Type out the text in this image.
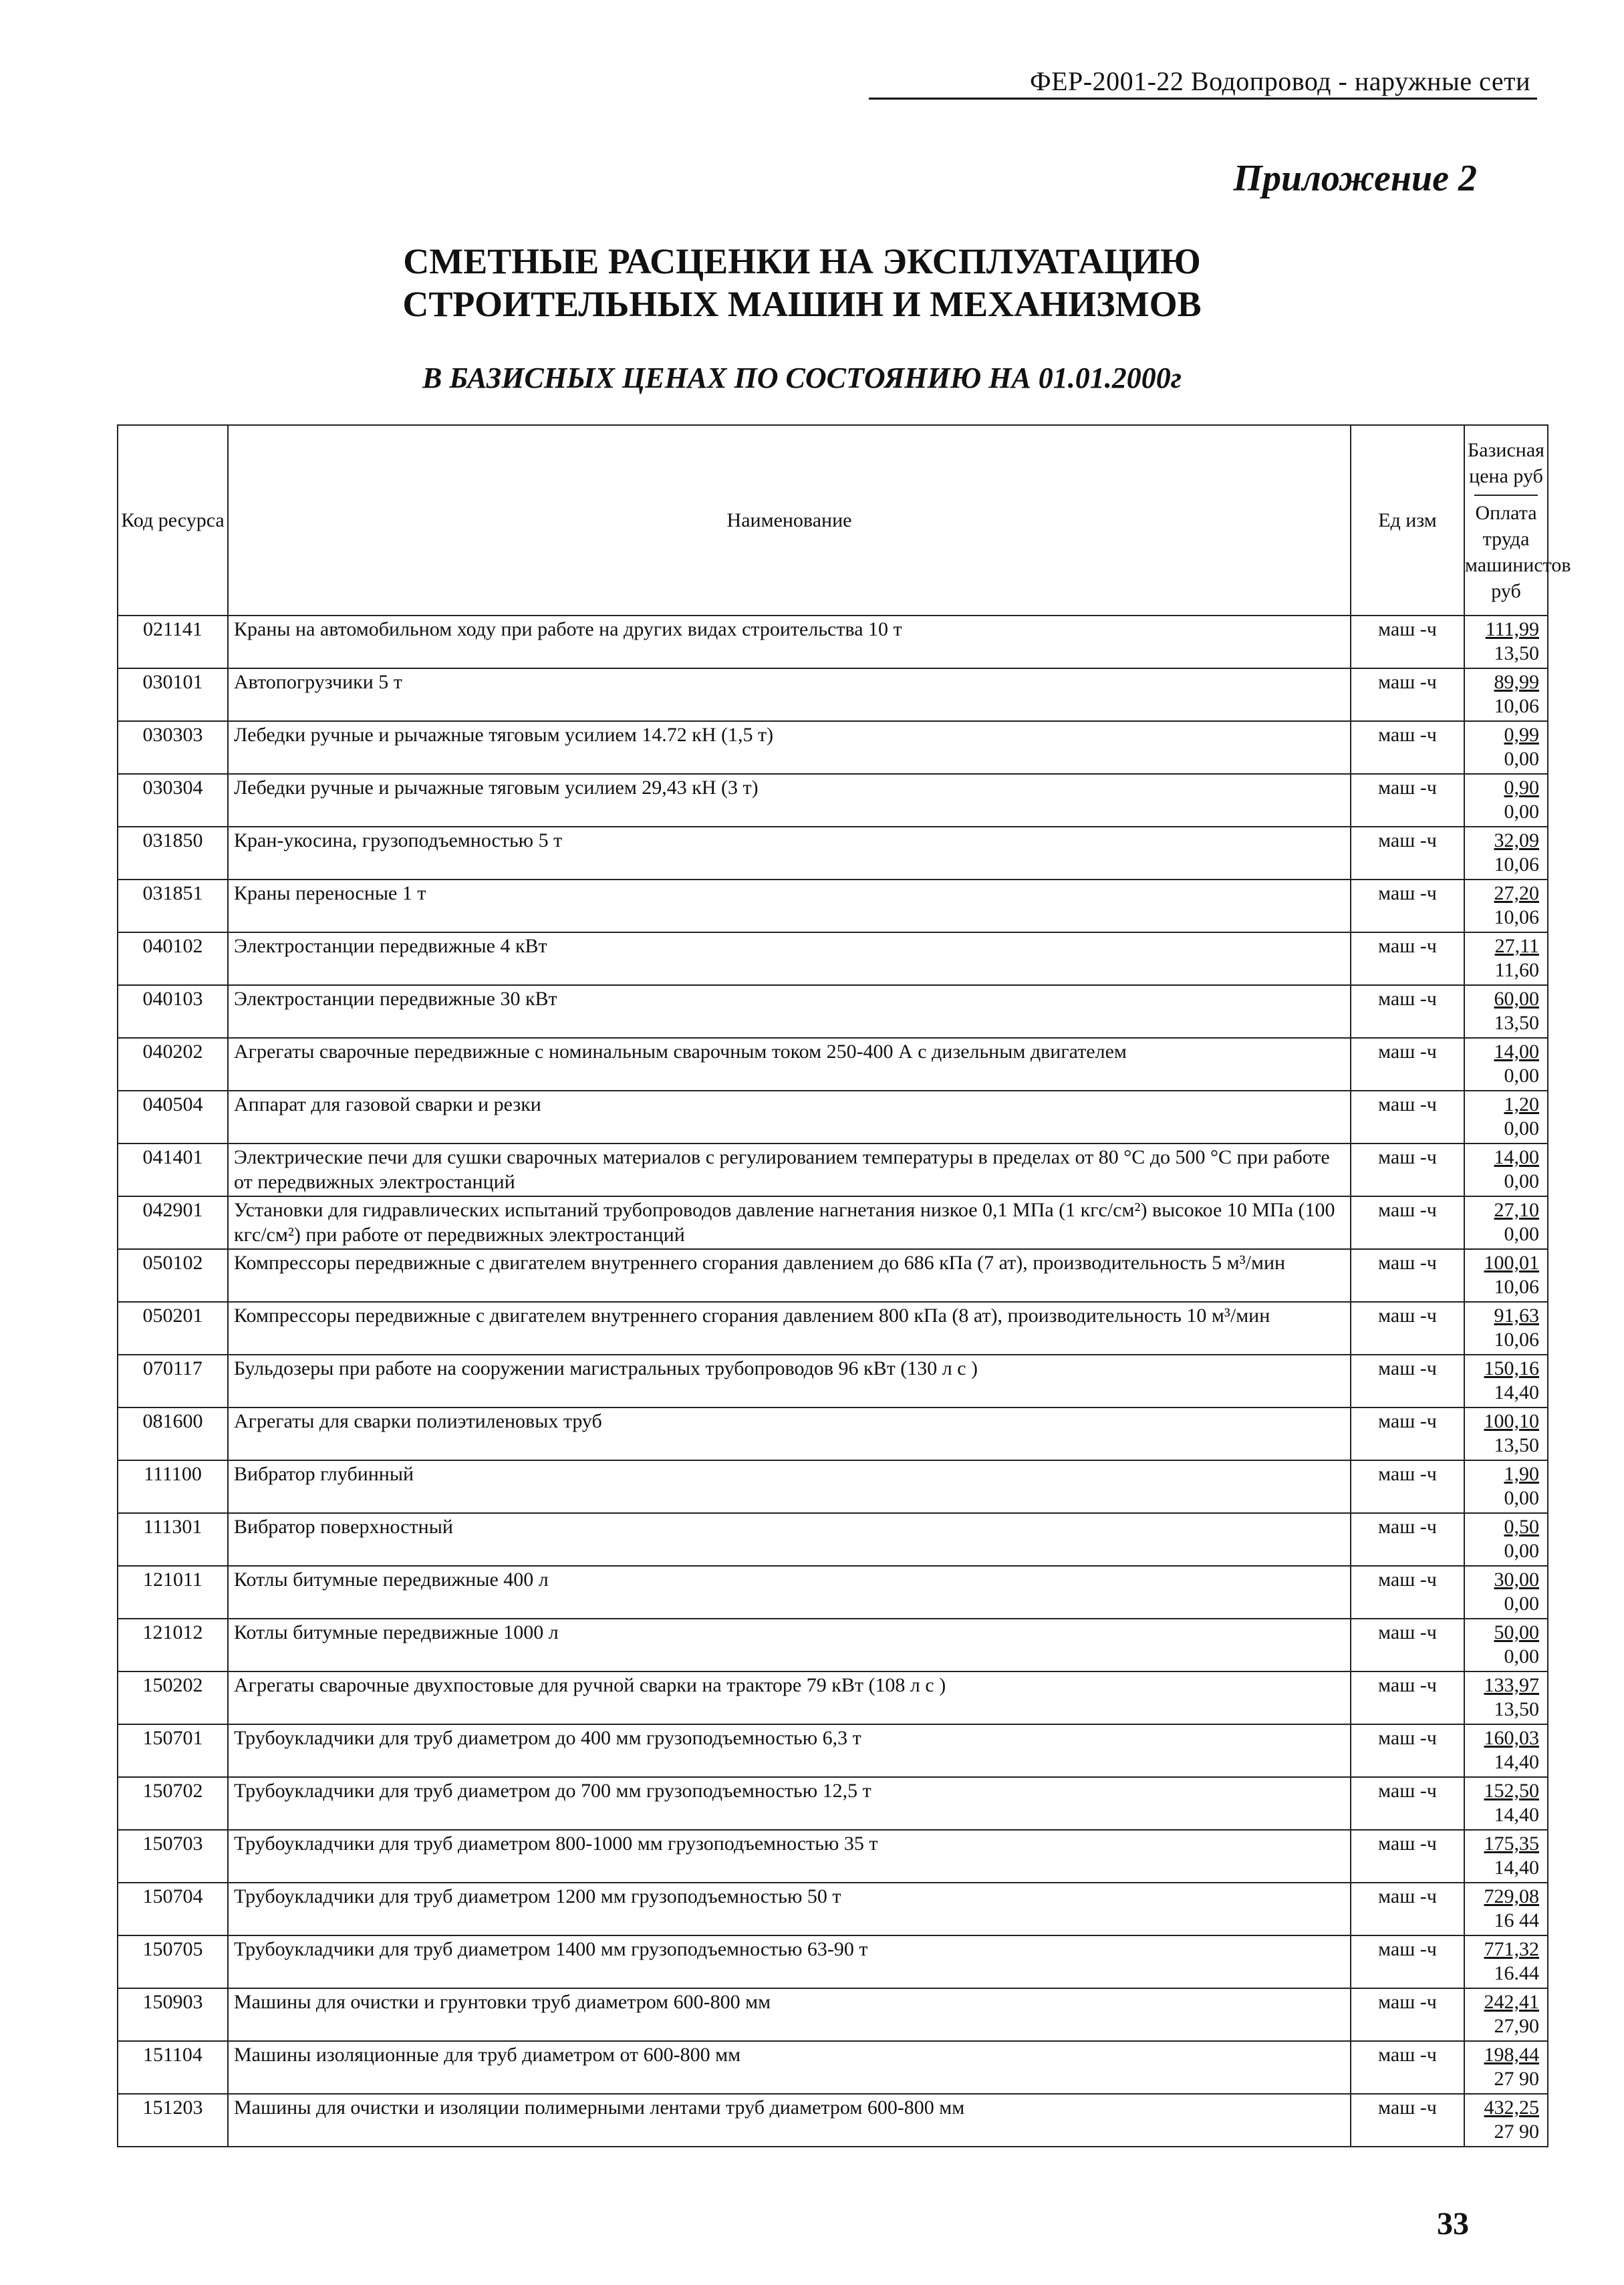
ФЕР-2001-22 Водопровод - наружные сети
Приложение 2
СМЕТНЫЕ РАСЦЕНКИ НА ЭКСПЛУАТАЦИЮ
СТРОИТЕЛЬНЫХ МАШИН И МЕХАНИЗМОВ
В БАЗИСНЫХ ЦЕНАХ ПО СОСТОЯНИЮ НА 01.01.2000г
Код ресурса	Наименование	Ед изм	Базисная цена руб
Оплата труда машинистов руб

021141	Краны на автомобильном ходу при работе на других видах строительства 10 т	маш -ч	111,99
13,50

030101	Автопогрузчики 5 т	маш -ч	89,99
10,06

030303	Лебедки ручные и рычажные тяговым усилием 14.72 кН (1,5 т)	маш -ч	0,99
0,00

030304	Лебедки ручные и рычажные тяговым усилием 29,43 кН (3 т)	маш -ч	0,90
0,00

031850	Кран-укосина, грузоподъемностью 5 т	маш -ч	32,09
10,06

031851	Краны переносные 1 т	маш -ч	27,20
10,06

040102	Электростанции передвижные 4 кВт	маш -ч	27,11
11,60

040103	Электростанции передвижные 30 кВт	маш -ч	60,00
13,50

040202	Агрегаты сварочные передвижные с номинальным сварочным током 250-400 А с дизельным двигателем	маш -ч	14,00
0,00

040504	Аппарат для газовой сварки и резки	маш -ч	1,20
0,00

041401	Электрические печи для сушки сварочных материалов с регулированием температуры в пределах от 80 °С до 500 °С при работе от передвижных электростанций	маш -ч	14,00
0,00

042901	Установки для гидравлических испытаний трубопроводов давление нагнетания низкое 0,1 МПа (1 кгс/см²) высокое 10 МПа (100 кгс/см²) при работе от передвижных электростанций	маш -ч	27,10
0,00

050102	Компрессоры передвижные с двигателем внутреннего сгорания давлением до 686 кПа (7 ат), производительность 5 м³/мин	маш -ч	100,01
10,06

050201	Компрессоры передвижные с двигателем внутреннего сгорания давлением 800 кПа (8 ат), производительность 10 м³/мин	маш -ч	91,63
10,06

070117	Бульдозеры при работе на сооружении магистральных трубопроводов 96 кВт (130 л с )	маш -ч	150,16
14,40

081600	Агрегаты для сварки полиэтиленовых труб	маш -ч	100,10
13,50

111100	Вибратор глубинный	маш -ч	1,90
0,00

111301	Вибратор поверхностный	маш -ч	0,50
0,00

121011	Котлы битумные передвижные 400 л	маш -ч	30,00
0,00

121012	Котлы битумные передвижные 1000 л	маш -ч	50,00
0,00

150202	Агрегаты сварочные двухпостовые для ручной сварки на тракторе 79 кВт (108 л с )	маш -ч	133,97
13,50

150701	Трубоукладчики для труб диаметром до 400 мм грузоподъемностью 6,3 т	маш -ч	160,03
14,40

150702	Трубоукладчики для труб диаметром до 700 мм грузоподъемностью 12,5 т	маш -ч	152,50
14,40

150703	Трубоукладчики для труб диаметром 800-1000 мм грузоподъемностью 35 т	маш -ч	175,35
14,40

150704	Трубоукладчики для труб диаметром 1200 мм грузоподъемностью 50 т	маш -ч	729,08
16 44

150705	Трубоукладчики для труб диаметром 1400 мм грузоподъемностью 63-90 т	маш -ч	771,32
16.44

150903	Машины для очистки и грунтовки труб диаметром 600-800 мм	маш -ч	242,41
27,90

151104	Машины изоляционные для труб диаметром от 600-800 мм	маш -ч	198,44
27 90

151203	Машины для очистки и изоляции полимерными лентами труб диаметром 600-800 мм	маш -ч	432,25
27 90
33
